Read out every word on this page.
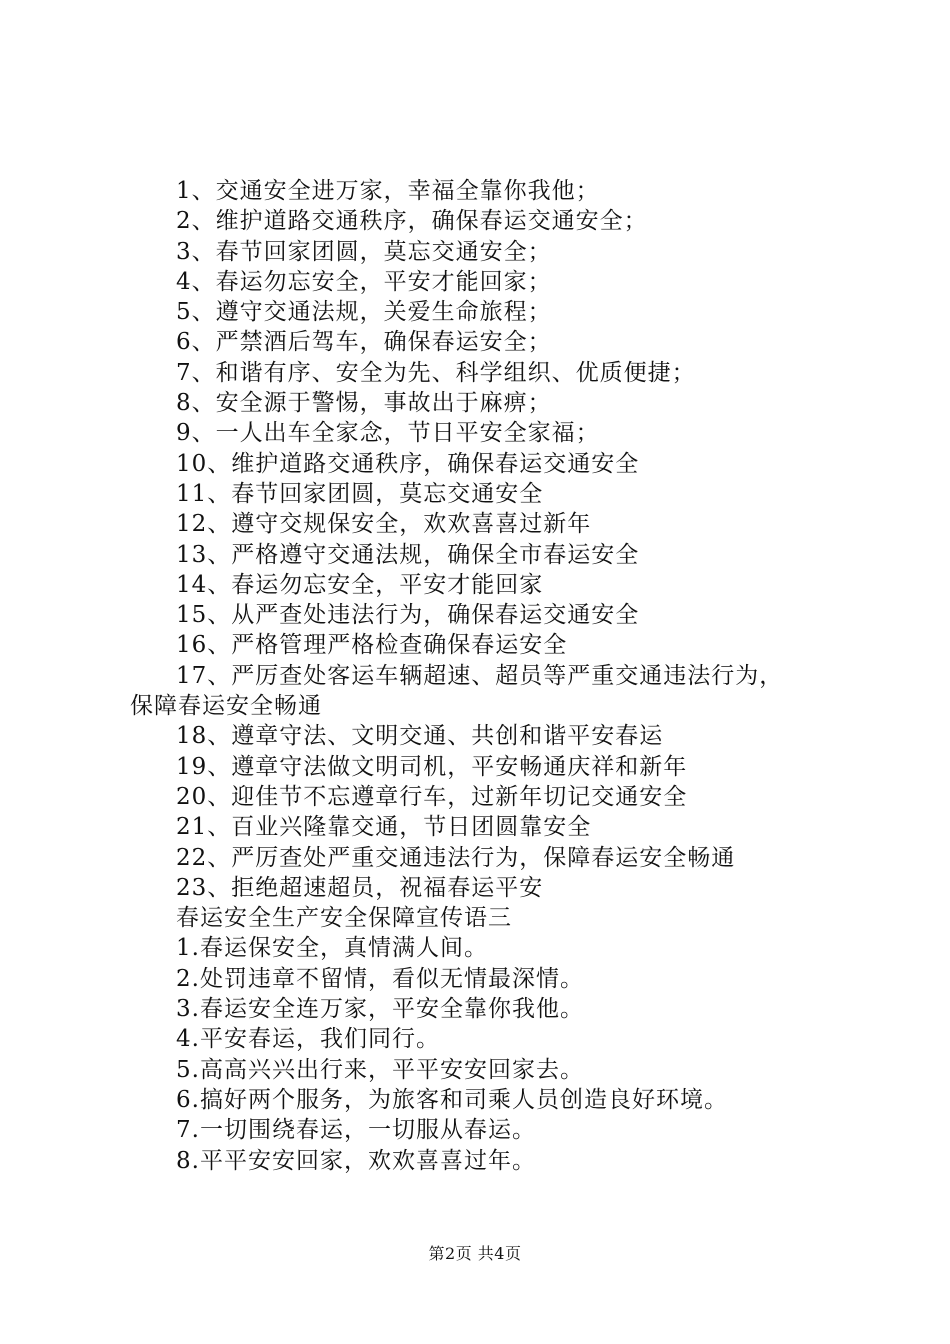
1、交通安全进万家，幸福全靠你我他；
2、维护道路交通秩序，确保春运交通安全；
3、春节回家团圆，莫忘交通安全；
4、春运勿忘安全，平安才能回家；
5、遵守交通法规，关爱生命旅程；
6、严禁酒后驾车，确保春运安全；
7、和谐有序、安全为先、科学组织、优质便捷；
8、安全源于警惕，事故出于麻痹；
9、一人出车全家念，节日平安全家福；
10、维护道路交通秩序，确保春运交通安全
11、春节回家团圆，莫忘交通安全
12、遵守交规保安全，欢欢喜喜过新年
13、严格遵守交通法规，确保全市春运安全
14、春运勿忘安全，平安才能回家
15、从严查处违法行为，确保春运交通安全
16、严格管理严格检查确保春运安全
17、严厉查处客运车辆超速、超员等严重交通违法行为，
保障春运安全畅通
18、遵章守法、文明交通、共创和谐平安春运
19、遵章守法做文明司机，平安畅通庆祥和新年
20、迎佳节不忘遵章行车，过新年切记交通安全
21、百业兴隆靠交通，节日团圆靠安全
22、严厉查处严重交通违法行为，保障春运安全畅通
23、拒绝超速超员，祝福春运平安
春运安全生产安全保障宣传语三
1.春运保安全，真情满人间。
2.处罚违章不留情，看似无情最深情。
3.春运安全连万家，平安全靠你我他。
4.平安春运，我们同行。
5.高高兴兴出行来，平平安安回家去。
6.搞好两个服务，为旅客和司乘人员创造良好环境。
7.一切围绕春运，一切服从春运。
8.平平安安回家，欢欢喜喜过年。
第2页 共4页
